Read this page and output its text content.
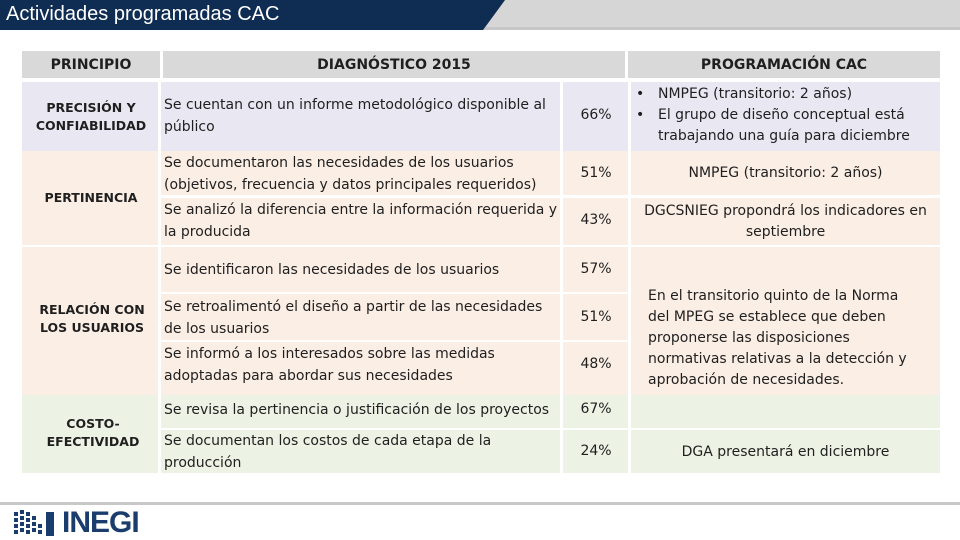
Actividades programadas CAC
PRINCIPIO	DIAGNÓSTICO 2015	PROGRAMACIÓN CAC
PRECISIÓN Y CONFIABILIDAD
PERTINENCIA
RELACIÓN CON LOS USUARIOS
COSTO-EFECTIVIDAD
Se cuentan con un informe metodológico disponible al público
Se documentaron las necesidades de los usuarios (objetivos, frecuencia y datos principales requeridos)
Se analizó la diferencia entre la información requerida y la producida
Se identificaron las necesidades de los usuarios
Se retroalimentó el diseño a partir de las necesidades de los usuarios
Se informó a los interesados sobre las medidas adoptadas para abordar sus necesidades
Se revisa la pertinencia o justificación de los proyectos
Se documentan los costos de cada etapa de la producción
66%
51%
43%
57%
51%
48%
67%
24%
• NMPEG (transitorio: 2 años)
• El grupo de diseño conceptual está trabajando una guía para diciembre
NMPEG (transitorio: 2 años)
DGCSNIEG propondrá los indicadores en septiembre
En el transitorio quinto de la Norma del MPEG se establece que deben proponerse las disposiciones normativas relativas a la detección y aprobación de necesidades.
DGA presentará en diciembre
INEGI
